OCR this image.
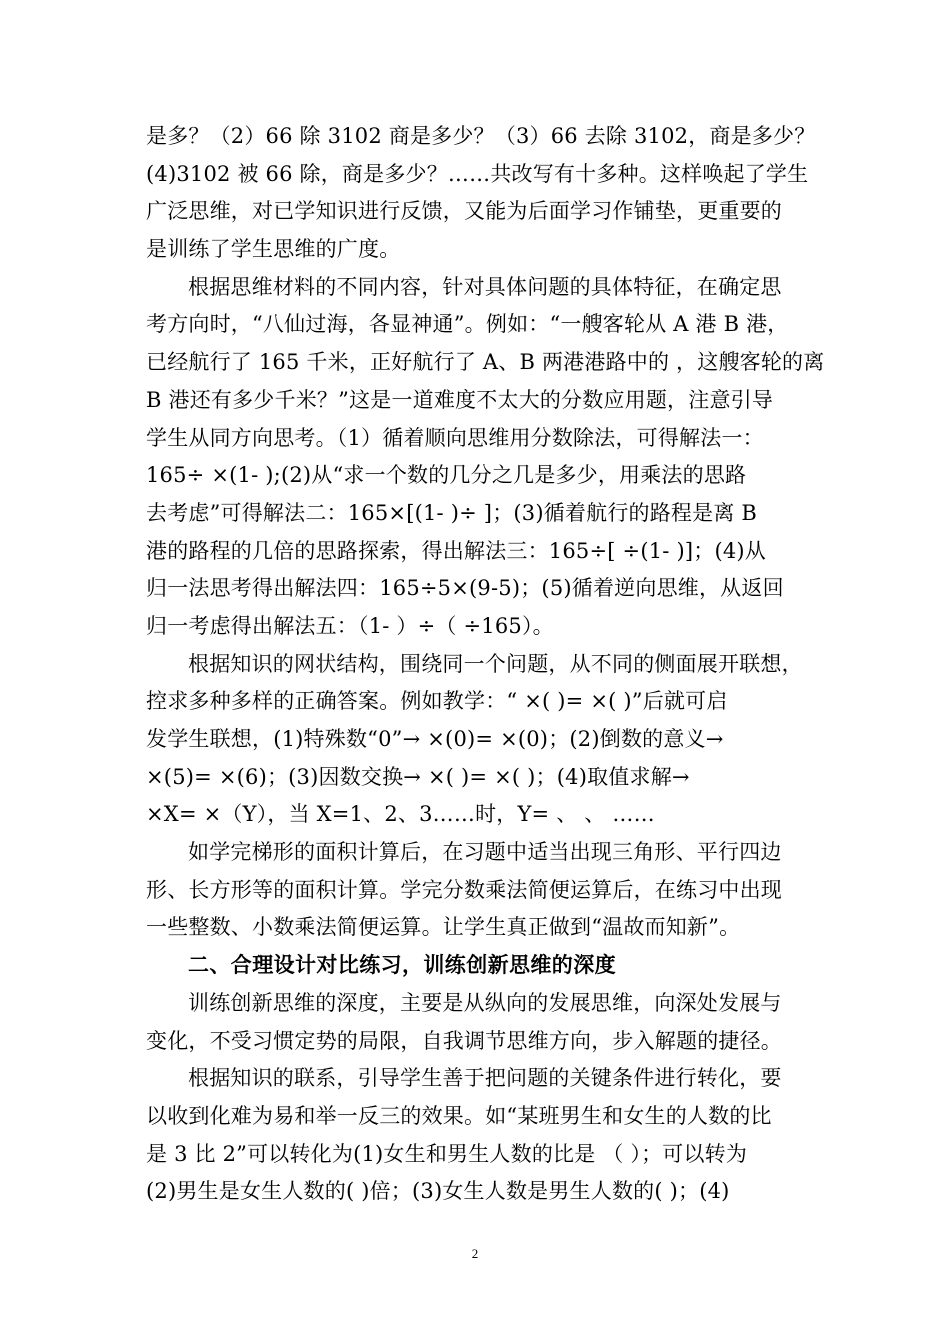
是多？（2）66 除 3102 商是多少？（3）66 去除 3102，商是多少？
(4)3102 被 66 除，商是多少？……共改写有十多种。这样唤起了学生
广泛思维，对已学知识进行反馈，又能为后面学习作铺垫，更重要的
是训练了学生思维的广度。
根据思维材料的不同内容，针对具体问题的具体特征，在确定思
考方向时，“八仙过海，各显神通”。例如：“一艘客轮从 A 港 B 港，
已经航行了 165 千米，正好航行了 A、B 两港港路中的 ，这艘客轮的离
B 港还有多少千米？”这是一道难度不太大的分数应用题，注意引导
学生从同方向思考。（1）循着顺向思维用分数除法，可得解法一：
165÷ ×(1- );(2)从“求一个数的几分之几是多少，用乘法的思路
去考虑”可得解法二：165×[(1- )÷ ]；(3)循着航行的路程是离 B
港的路程的几倍的思路探索，得出解法三：165÷[ ÷(1- )]；(4)从
归一法思考得出解法四：165÷5×(9-5)；(5)循着逆向思维，从返回
归一考虑得出解法五：（1- ）÷（ ÷165）。
根据知识的网状结构，围绕同一个问题，从不同的侧面展开联想，
控求多种多样的正确答案。例如教学：“ ×( )= ×( )”后就可启
发学生联想，(1)特殊数“0”→ ×(0)= ×(0)；(2)倒数的意义→
×(5)= ×(6)；(3)因数交换→ ×( )= ×( )；(4)取值求解→
×X= ×（Y），当 X=1、2、3……时，Y= 、 、 ……
如学完梯形的面积计算后，在习题中适当出现三角形、平行四边
形、长方形等的面积计算。学完分数乘法简便运算后，在练习中出现
一些整数、小数乘法简便运算。让学生真正做到“温故而知新”。
二、合理设计对比练习，训练创新思维的深度
训练创新思维的深度，主要是从纵向的发展思维，向深处发展与
变化，不受习惯定势的局限，自我调节思维方向，步入解题的捷径。
根据知识的联系，引导学生善于把问题的关键条件进行转化，要
以收到化难为易和举一反三的效果。如“某班男生和女生的人数的比
是 3 比 2”可以转化为(1)女生和男生人数的比是 （ ）；可以转为
(2)男生是女生人数的( )倍；(3)女生人数是男生人数的( )；(4)
2
